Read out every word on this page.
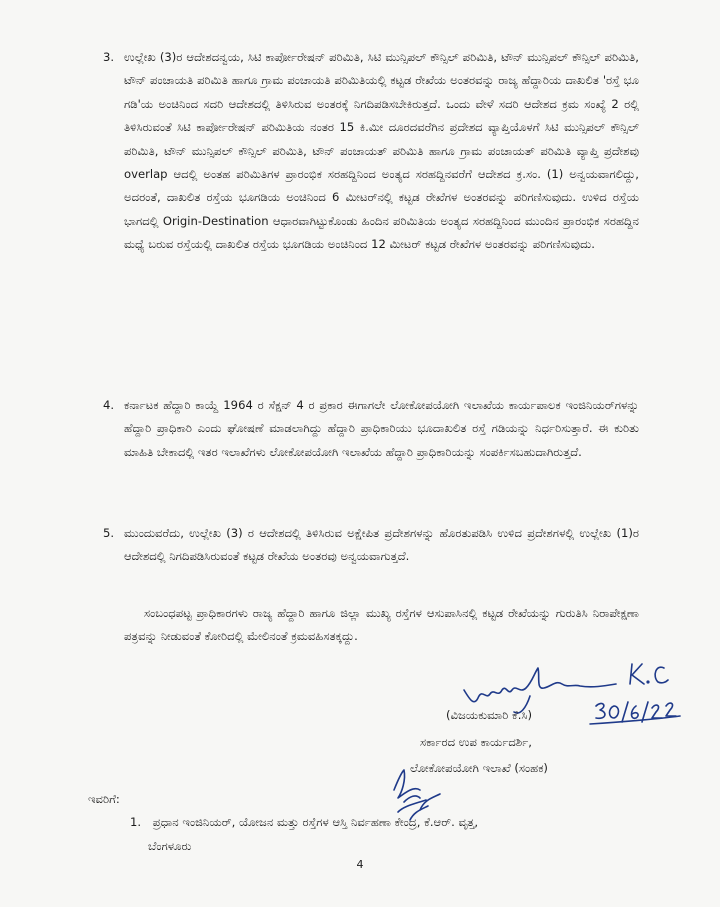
3. ಉಲ್ಲೇಖ (3)ರ ಆದೇಶದನ್ವಯ, ಸಿಟಿ ಕಾರ್ಪೋರೇಷನ್ ಪರಿಮಿತಿ, ಸಿಟಿ ಮುನ್ಸಿಪಲ್ ಕೌನ್ಸಿಲ್ ಪರಿಮಿತಿ, ಟೌನ್ ಮುನ್ಸಿಪಲ್ ಕೌನ್ಸಿಲ್ ಪರಿಮಿತಿ, ಟೌನ್ ಪಂಚಾಯತಿ ಪರಿಮಿತಿ ಹಾಗೂ ಗ್ರಾಮ ಪಂಚಾಯತಿ ಪರಿಮಿತಿಯಲ್ಲಿ ಕಟ್ಟಡ ರೇಖೆಯ ಅಂತರವನ್ನು ರಾಜ್ಯ ಹೆದ್ದಾರಿಯ ದಾಖಲಿತ 'ರಸ್ತೆ ಭೂ ಗಡಿ'ಯ ಅಂಚಿನಿಂದ ಸದರಿ ಆದೇಶದಲ್ಲಿ ತಿಳಿಸಿರುವ ಅಂತರಕ್ಕೆ ನಿಗದಿಪಡಿಸಬೇಕಿರುತ್ತದೆ. ಒಂದು ವೇಳೆ ಸದರಿ ಆದೇಶದ ಕ್ರಮ ಸಂಖ್ಯೆ 2 ರಲ್ಲಿ ತಿಳಿಸಿರುವಂತೆ ಸಿಟಿ ಕಾರ್ಪೋರೇಷನ್ ಪರಿಮಿತಿಯ ನಂತರ 15 ಕಿ.ಮೀ ದೂರದವರೆಗಿನ ಪ್ರದೇಶದ ವ್ಯಾಪ್ತಿಯೊಳಗೆ ಸಿಟಿ ಮುನ್ಸಿಪಲ್ ಕೌನ್ಸಿಲ್ ಪರಿಮಿತಿ, ಟೌನ್ ಮುನ್ಸಿಪಲ್ ಕೌನ್ಸಿಲ್ ಪರಿಮಿತಿ, ಟೌನ್ ಪಂಚಾಯತ್ ಪರಿಮಿತಿ ಹಾಗೂ ಗ್ರಾಮ ಪಂಚಾಯತ್ ಪರಿಮಿತಿ ವ್ಯಾಪ್ತಿ ಪ್ರದೇಶವು overlap ಆದಲ್ಲಿ ಅಂತಹ ಪರಿಮಿತಿಗಳ ಪ್ರಾರಂಭಿಕ ಸರಹದ್ದಿನಿಂದ ಅಂತ್ಯದ ಸರಹದ್ದಿನವರೆಗೆ ಆದೇಶದ ಕ್ರ.ಸಂ. (1) ಅನ್ವಯವಾಗಲಿದ್ದು, ಅದರಂತೆ, ದಾಖಲಿತ ರಸ್ತೆಯ ಭೂಗಡಿಯ ಅಂಚಿನಿಂದ 6 ಮೀಟರ್‌ನಲ್ಲಿ ಕಟ್ಟಡ ರೇಖೆಗಳ ಅಂತರವನ್ನು ಪರಿಗಣಿಸುವುದು. ಉಳಿದ ರಸ್ತೆಯ ಭಾಗದಲ್ಲಿ Origin-Destination ಆಧಾರವಾಗಿಟ್ಟುಕೊಂಡು ಹಿಂದಿನ ಪರಿಮಿತಿಯ ಅಂತ್ಯದ ಸರಹದ್ದಿನಿಂದ ಮುಂದಿನ ಪ್ರಾರಂಭಿಕ ಸರಹದ್ದಿನ ಮಧ್ಯೆ ಬರುವ ರಸ್ತೆಯಲ್ಲಿ ದಾಖಲಿತ ರಸ್ತೆಯ ಭೂಗಡಿಯ ಅಂಚಿನಿಂದ 12 ಮೀಟರ್ ಕಟ್ಟಡ ರೇಖೆಗಳ ಅಂತರವನ್ನು ಪರಿಗಣಿಸುವುದು.
4. ಕರ್ನಾಟಕ ಹೆದ್ದಾರಿ ಕಾಯ್ದೆ 1964 ರ ಸೆಕ್ಷನ್ 4 ರ ಪ್ರಕಾರ ಈಗಾಗಲೇ ಲೋಕೋಪಯೋಗಿ ಇಲಾಖೆಯ ಕಾರ್ಯಪಾಲಕ ಇಂಜಿನಿಯರ್‌ಗಳನ್ನು ಹೆದ್ದಾರಿ ಪ್ರಾಧಿಕಾರಿ ಎಂದು ಘೋಷಣೆ ಮಾಡಲಾಗಿದ್ದು ಹೆದ್ದಾರಿ ಪ್ರಾಧಿಕಾರಿಯು ಭೂದಾಖಲಿತ ರಸ್ತೆ ಗಡಿಯನ್ನು ನಿರ್ಧರಿಸುತ್ತಾರೆ. ಈ ಕುರಿತು ಮಾಹಿತಿ ಬೇಕಾದಲ್ಲಿ ಇತರ ಇಲಾಖೆಗಳು ಲೋಕೋಪಯೋಗಿ ಇಲಾಖೆಯ ಹೆದ್ದಾರಿ ಪ್ರಾಧಿಕಾರಿಯನ್ನು ಸಂಪರ್ಕಿಸಬಹುದಾಗಿರುತ್ತದೆ.
5. ಮುಂದುವರೆದು, ಉಲ್ಲೇಖ (3) ರ ಆದೇಶದಲ್ಲಿ ತಿಳಿಸಿರುವ ಅಕ್ಷೇಪಿತ ಪ್ರದೇಶಗಳನ್ನು ಹೊರತುಪಡಿಸಿ ಉಳಿದ ಪ್ರದೇಶಗಳಲ್ಲಿ ಉಲ್ಲೇಖ (1)ರ ಆದೇಶದಲ್ಲಿ ನಿಗದಿಪಡಿಸಿರುವಂತೆ ಕಟ್ಟಡ ರೇಖೆಯ ಅಂತರವು ಅನ್ವಯವಾಗುತ್ತದೆ.
ಸಂಬಂಧಪಟ್ಟ ಪ್ರಾಧಿಕಾರಗಳು ರಾಜ್ಯ ಹೆದ್ದಾರಿ ಹಾಗೂ ಜಿಲ್ಲಾ ಮುಖ್ಯ ರಸ್ತೆಗಳ ಆಸುಪಾಸಿನಲ್ಲಿ ಕಟ್ಟಡ ರೇಖೆಯನ್ನು ಗುರುತಿಸಿ ನಿರಾಪೇಕ್ಷಣಾ ಪತ್ರವನ್ನು ನೀಡುವಂತೆ ಕೋರಿದಲ್ಲಿ ಮೇಲಿನಂತೆ ಕ್ರಮವಹಿಸತಕ್ಕದ್ದು.
(ವಿಜಯಕುಮಾರಿ ಕೆ.ಸಿ)
ಸರ್ಕಾರದ ಉಪ ಕಾರ್ಯದರ್ಶಿ,
ಲೋಕೋಪಯೋಗಿ ಇಲಾಖೆ (ಸಂಹಕ)
ಇವರಿಗೆ:
1. ಪ್ರಧಾನ ಇಂಜಿನಿಯರ್, ಯೋಜನ ಮತ್ತು ರಸ್ತೆಗಳ ಆಸ್ತಿ ನಿರ್ವಹಣಾ ಕೇಂದ್ರ, ಕೆ.ಆರ್. ವೃತ್ತ,
ಬೆಂಗಳೂರು
4
